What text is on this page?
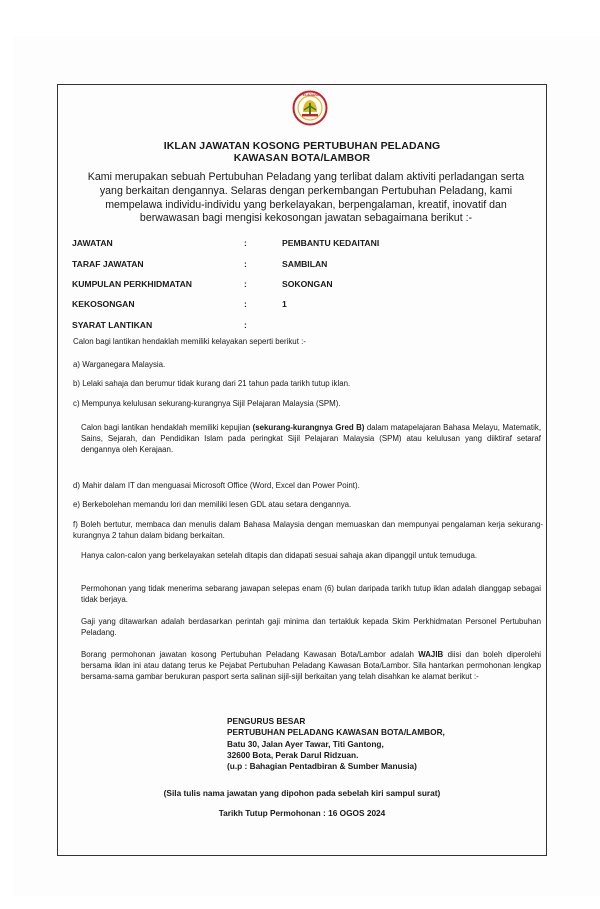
PELADANG
IKLAN JAWATAN KOSONG PERTUBUHAN PELADANG
KAWASAN BOTA/LAMBOR
Kami merupakan sebuah Pertubuhan Peladang yang terlibat dalam aktiviti perladangan serta yang berkaitan dengannya. Selaras dengan perkembangan Pertubuhan Peladang, kami mempelawa individu-individu yang berkelayakan, berpengalaman, kreatif, inovatif dan berwawasan bagi mengisi kekosongan jawatan sebagaimana berikut :-
JAWATAN	:	PEMBANTU KEDAITANI
TARAF JAWATAN	:	SAMBILAN
KUMPULAN PERKHIDMATAN	:	SOKONGAN
KEKOSONGAN	:	1
SYARAT LANTIKAN	:
Calon bagi lantikan hendaklah memiliki kelayakan seperti berikut :-
a) Warganegara Malaysia.
b) Lelaki sahaja dan berumur tidak kurang dari 21 tahun pada tarikh tutup iklan.
c) Mempunya kelulusan sekurang-kurangnya Sijil Pelajaran Malaysia (SPM).
Calon bagi lantikan hendaklah memiliki kepujian (sekurang-kurangnya Gred B) dalam matapelajaran Bahasa Melayu, Matematik, Sains, Sejarah, dan Pendidikan Islam pada peringkat Sijil Pelajaran Malaysia (SPM) atau kelulusan yang diiktiraf setaraf dengannya oleh Kerajaan.
d) Mahir dalam IT dan menguasai Microsoft Office (Word, Excel dan Power Point).
e) Berkebolehan memandu lori dan memiliki lesen GDL atau setara dengannya.
f) Boleh bertutur, membaca dan menulis dalam Bahasa Malaysia dengan memuaskan dan mempunyai pengalaman kerja sekurang-kurangnya 2 tahun dalam bidang berkaitan.
Hanya calon-calon yang berkelayakan setelah ditapis dan didapati sesuai sahaja akan dipanggil untuk temuduga.
Permohonan yang tidak menerima sebarang jawapan selepas enam (6) bulan daripada tarikh tutup iklan adalah dianggap sebagai tidak berjaya.
Gaji yang ditawarkan adalah berdasarkan perintah gaji minima dan tertakluk kepada Skim Perkhidmatan Personel Pertubuhan Peladang.
Borang permohonan jawatan kosong Pertubuhan Peladang Kawasan Bota/Lambor adalah WAJIB diisi dan boleh diperolehi bersama iklan ini atau datang terus ke Pejabat Pertubuhan Peladang Kawasan Bota/Lambor. Sila hantarkan permohonan lengkap bersama-sama gambar berukuran pasport serta salinan sijil-sijil berkaitan yang telah disahkan ke alamat berikut :-
PENGURUS BESAR
PERTUBUHAN PELADANG KAWASAN BOTA/LAMBOR,
Batu 30, Jalan Ayer Tawar, Titi Gantong,
32600 Bota, Perak Darul Ridzuan.
(u.p : Bahagian Pentadbiran & Sumber Manusia)
(Sila tulis nama jawatan yang dipohon pada sebelah kiri sampul surat)
Tarikh Tutup Permohonan : 16 OGOS 2024
